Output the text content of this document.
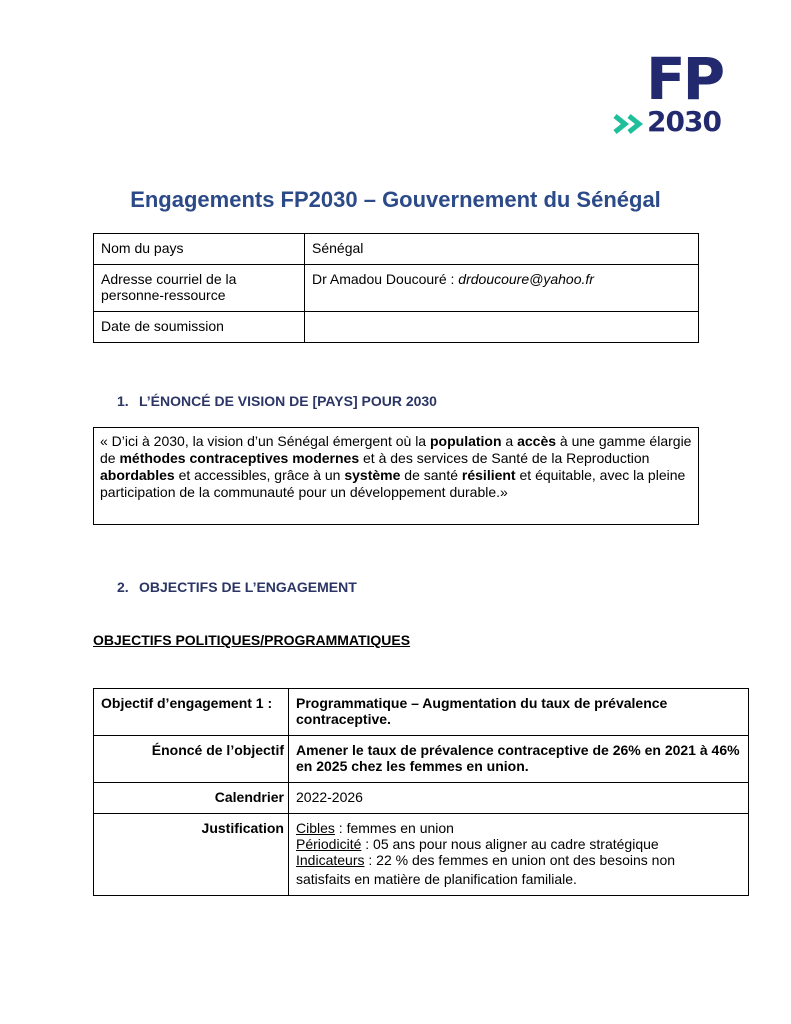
FP
2030
Engagements FP2030 – Gouvernement du Sénégal
Nom du pays	Sénégal
Adresse courriel de la personne-ressource	Dr Amadou Doucouré : drdoucoure@yahoo.fr
Date de soumission	
1. L’ÉNONCÉ DE VISION DE [PAYS] POUR 2030
« D’ici à 2030, la vision d’un Sénégal émergent où la population a accès à une gamme élargie de méthodes contraceptives modernes et à des services de Santé de la Reproduction abordables et accessibles, grâce à un système de santé résilient et équitable, avec la pleine participation de la communauté pour un développement durable.»
2. OBJECTIFS DE L’ENGAGEMENT
OBJECTIFS POLITIQUES/PROGRAMMATIQUES
Objectif d’engagement 1 :	Programmatique – Augmentation du taux de prévalence contraceptive.
Énoncé de l’objectif	Amener le taux de prévalence contraceptive de 26% en 2021 à 46% en 2025 chez les femmes en union.
Calendrier	2022-2026
Justification	Cibles : femmes en union
Périodicité : 05 ans pour nous aligner au cadre stratégique
Indicateurs : 22 % des femmes en union ont des besoins non
satisfaits en matière de planification familiale.
